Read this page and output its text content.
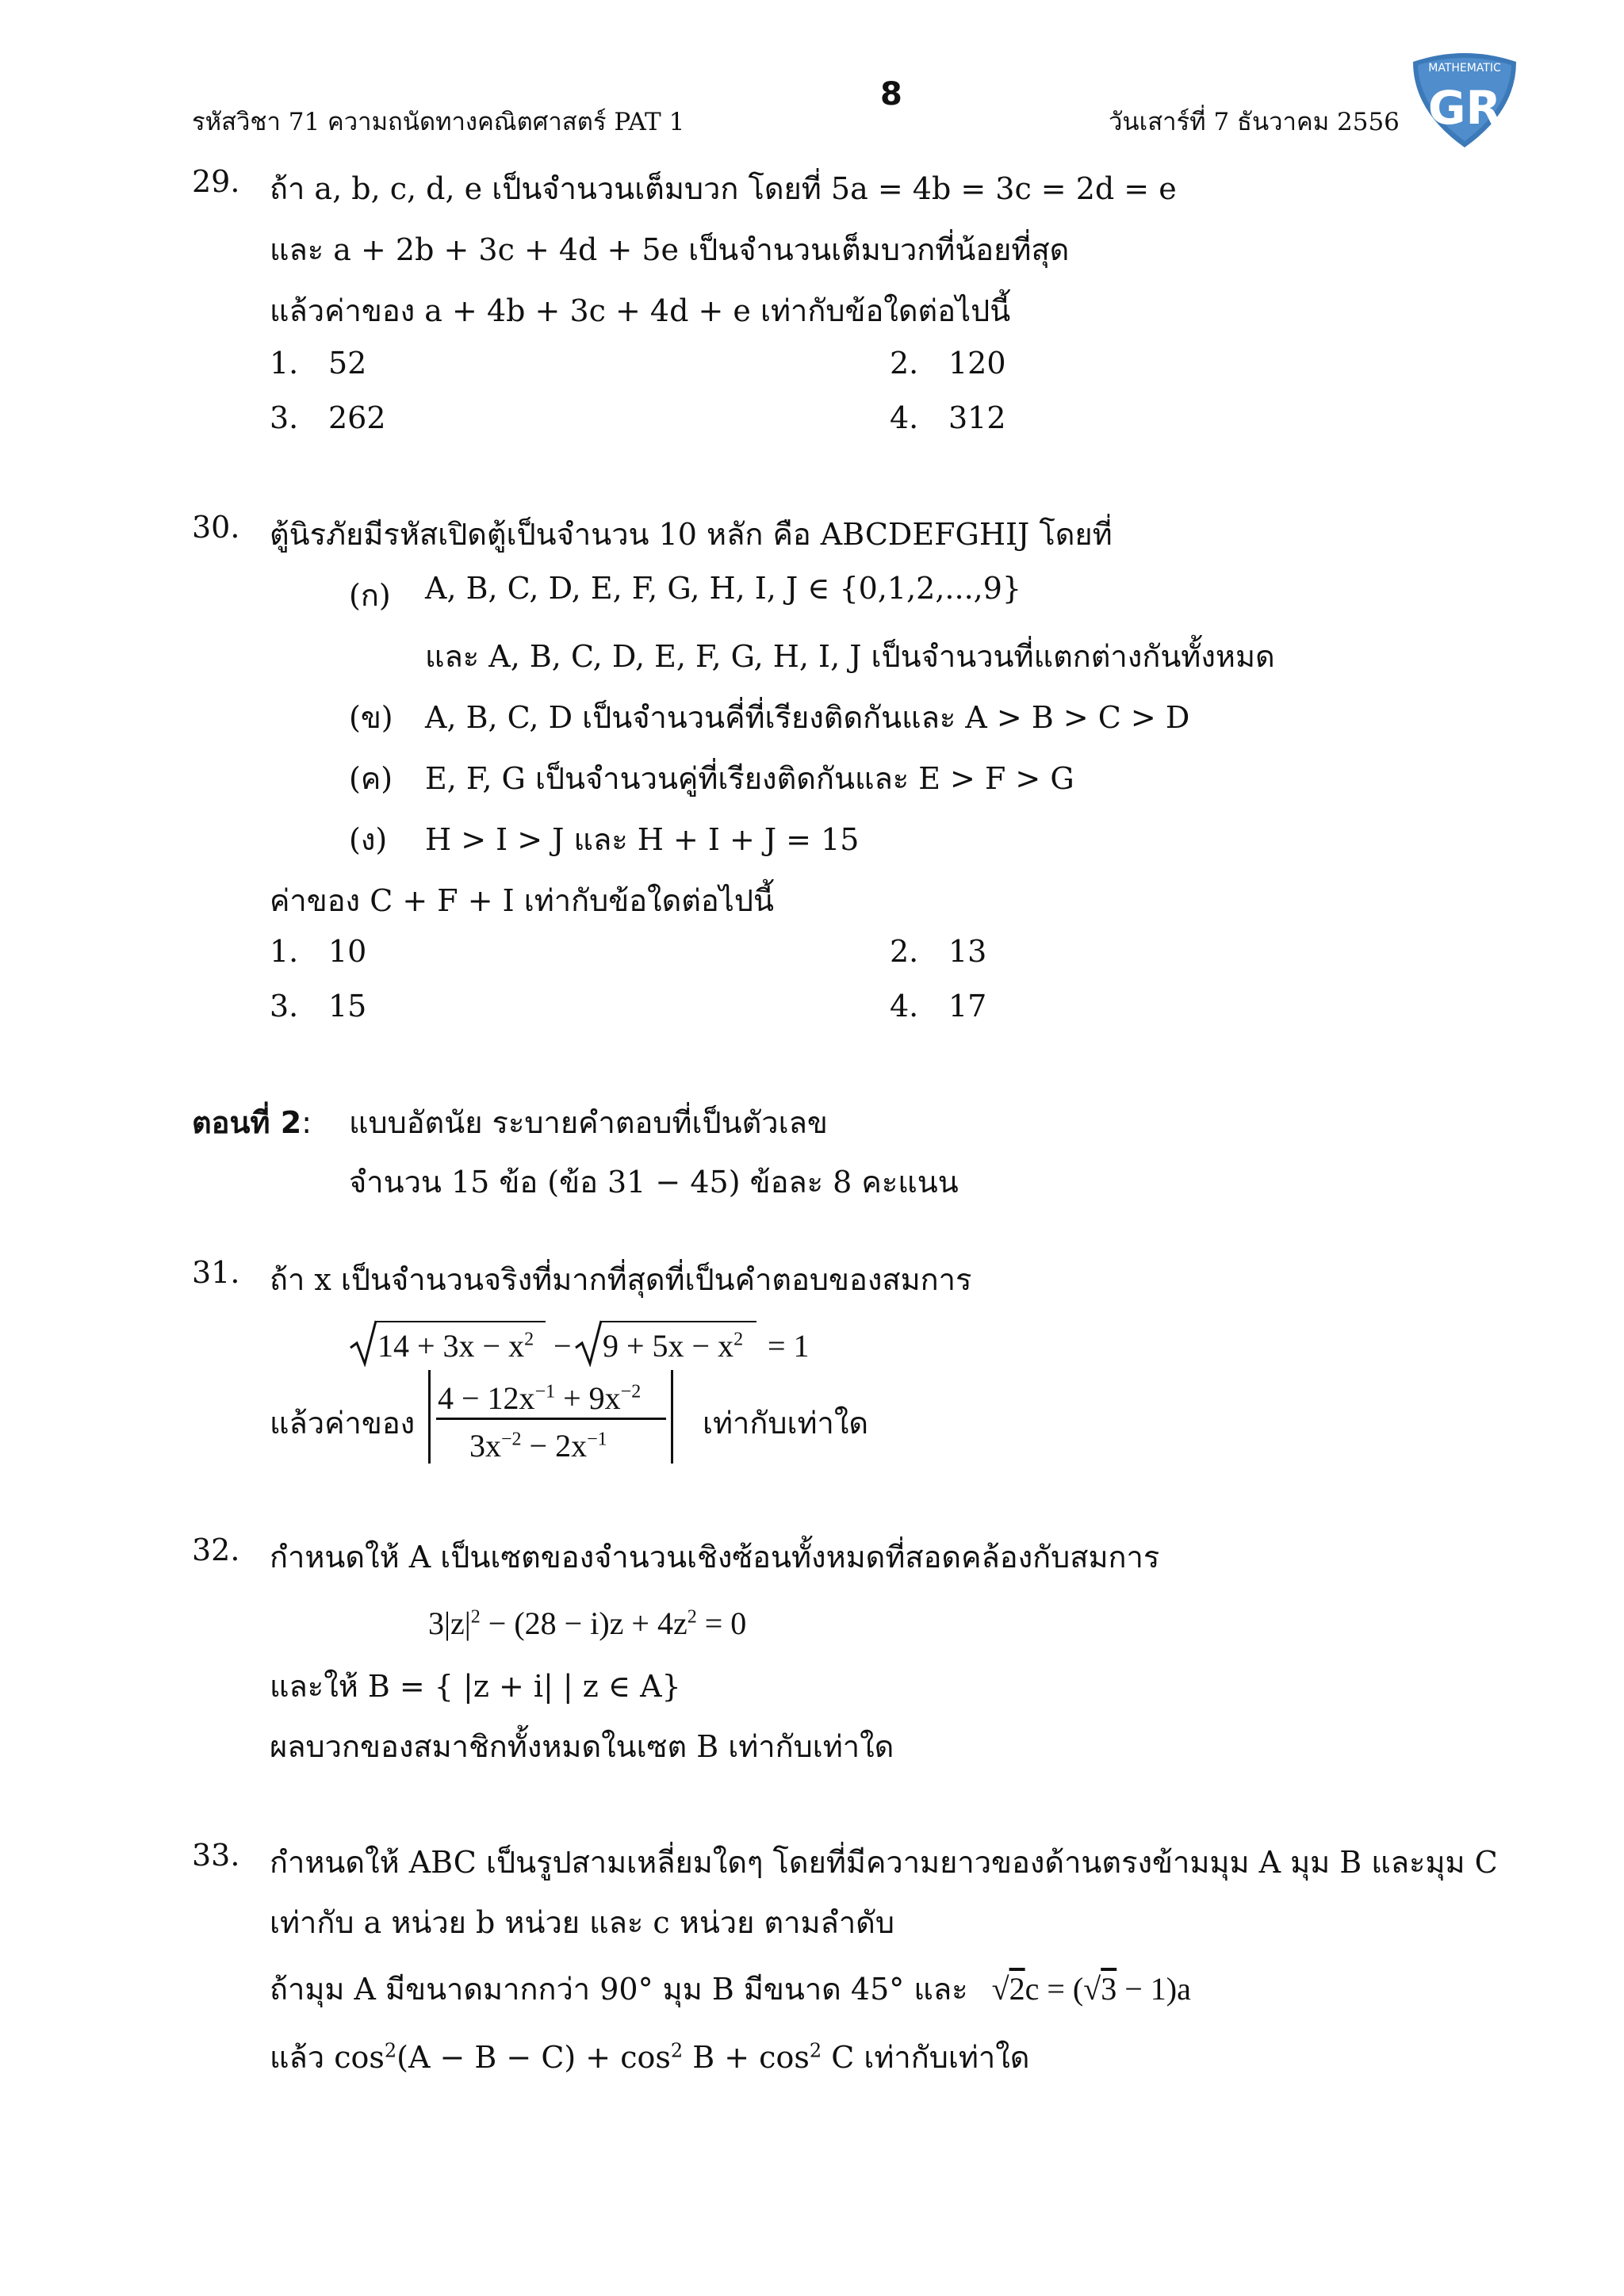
รหัสวิชา 71 ความถนัดทางคณิตศาสตร์ PAT 1
8
วันเสาร์ที่ 7 ธันวาคม 2556
MATHEMATIC
GR
29. ถ้า a, b, c, d, e เป็นจำนวนเต็มบวก โดยที่ 5a = 4b = 3c = 2d = e
และ a + 2b + 3c + 4d + 5e เป็นจำนวนเต็มบวกที่น้อยที่สุด
แล้วค่าของ a + 4b + 3c + 4d + e เท่ากับข้อใดต่อไปนี้
1. 52	2. 120
3. 262	4. 312
30. ตู้นิรภัยมีรหัสเปิดตู้เป็นจำนวน 10 หลัก คือ ABCDEFGHIJ โดยที่
(ก) A, B, C, D, E, F, G, H, I, J ∈ {0,1,2,...,9}
และ A, B, C, D, E, F, G, H, I, J เป็นจำนวนที่แตกต่างกันทั้งหมด
(ข) A, B, C, D เป็นจำนวนคี่ที่เรียงติดกันและ A > B > C > D
(ค) E, F, G เป็นจำนวนคู่ที่เรียงติดกันและ E > F > G
(ง) H > I > J และ H + I + J = 15
ค่าของ C + F + I เท่ากับข้อใดต่อไปนี้
1. 10	2. 13
3. 15	4. 17
ตอนที่ 2: แบบอัตนัย ระบายคำตอบที่เป็นตัวเลข
จำนวน 15 ข้อ (ข้อ 31 − 45) ข้อละ 8 คะแนน
31. ถ้า x เป็นจำนวนจริงที่มากที่สุดที่เป็นคำตอบของสมการ
$14 + 3x - x^2 - 9 + 5x - x^2 = 1$
แล้วค่าของ
$4 - 12x^{-1} + 9x^{-2}$
$3x^{-2} - 2x^{-1}$	เท่ากับเท่าใด
32. กำหนดให้ A เป็นเซตของจำนวนเชิงซ้อนทั้งหมดที่สอดคล้องกับสมการ
$3|z|^2 - (28 - i)z + 4z^2 = 0$
และให้ B = { |z + i| | z ∈ A}
ผลบวกของสมาชิกทั้งหมดในเซต B เท่ากับเท่าใด
33. กำหนดให้ ABC เป็นรูปสามเหลี่ยมใดๆ โดยที่มีความยาวของด้านตรงข้ามมุม A มุม B และมุม C
เท่ากับ a หน่วย b หน่วย และ c หน่วย ตามลำดับ
ถ้ามุม A มีขนาดมากกว่า 90° มุม B มีขนาด 45° และ √2c = (√3 − 1)a
แล้ว $\cos^2(A - B - C) + \cos^2 B + \cos^2 C$ เท่ากับเท่าใด
